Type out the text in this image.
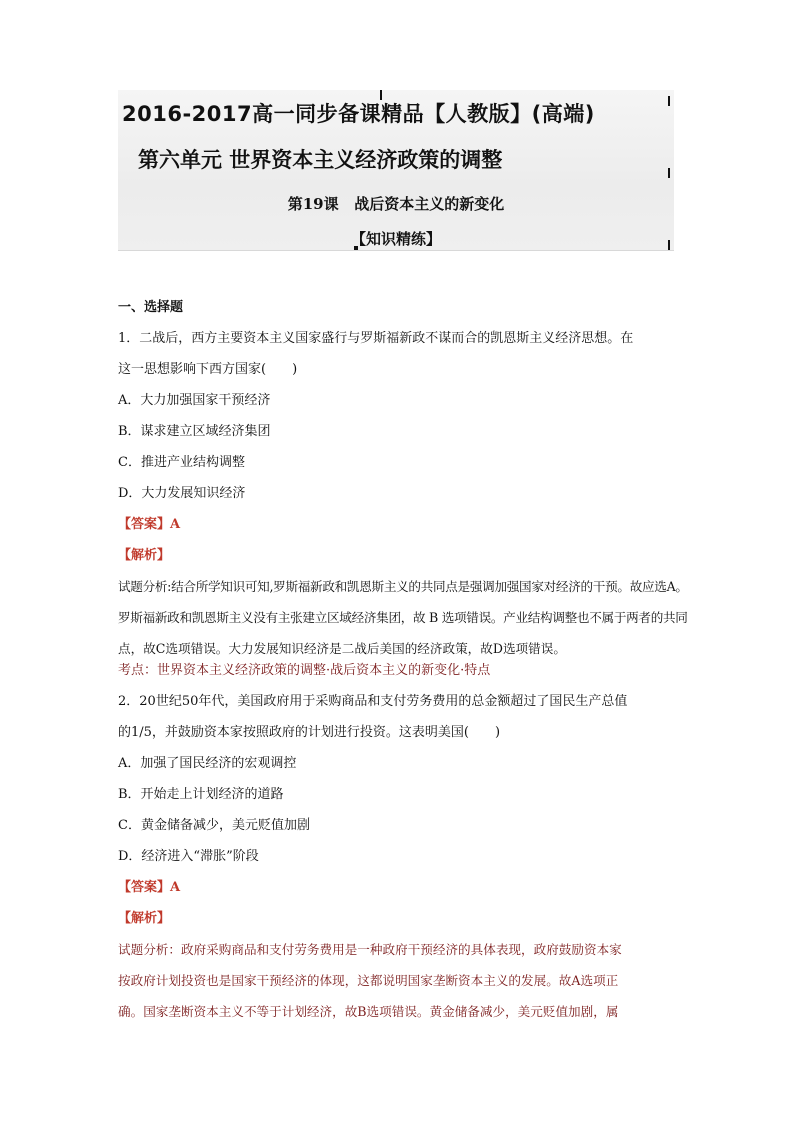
2016-2017高一同步备课精品【人教版】(高端)
第六单元 世界资本主义经济政策的调整
第19课   战后资本主义的新变化
【知识精练】
一、选择题
1．二战后，西方主要资本主义国家盛行与罗斯福新政不谋而合的凯恩斯主义经济思想。在
这一思想影响下西方国家(　　)
A．大力加强国家干预经济
B．谋求建立区域经济集团
C．推进产业结构调整
D．大力发展知识经济
【答案】A
【解析】
试题分析:结合所学知识可知,罗斯福新政和凯恩斯主义的共同点是强调加强国家对经济的干预。故应选A。
罗斯福新政和凯恩斯主义没有主张建立区域经济集团，故 B 选项错误。产业结构调整也不属于两者的共同
点，故C选项错误。大力发展知识经济是二战后美国的经济政策，故D选项错误。
考点：世界资本主义经济政策的调整·战后资本主义的新变化·特点
2．20世纪50年代，美国政府用于采购商品和支付劳务费用的总金额超过了国民生产总值
的1/5，并鼓励资本家按照政府的计划进行投资。这表明美国(　　)
A．加强了国民经济的宏观调控
B．开始走上计划经济的道路
C．黄金储备减少，美元贬值加剧
D．经济进入“滞胀”阶段
【答案】A
【解析】
试题分析：政府采购商品和支付劳务费用是一种政府干预经济的具体表现，政府鼓励资本家
按政府计划投资也是国家干预经济的体现，这都说明国家垄断资本主义的发展。故A选项正
确。国家垄断资本主义不等于计划经济，故B选项错误。黄金储备减少，美元贬值加剧，属
